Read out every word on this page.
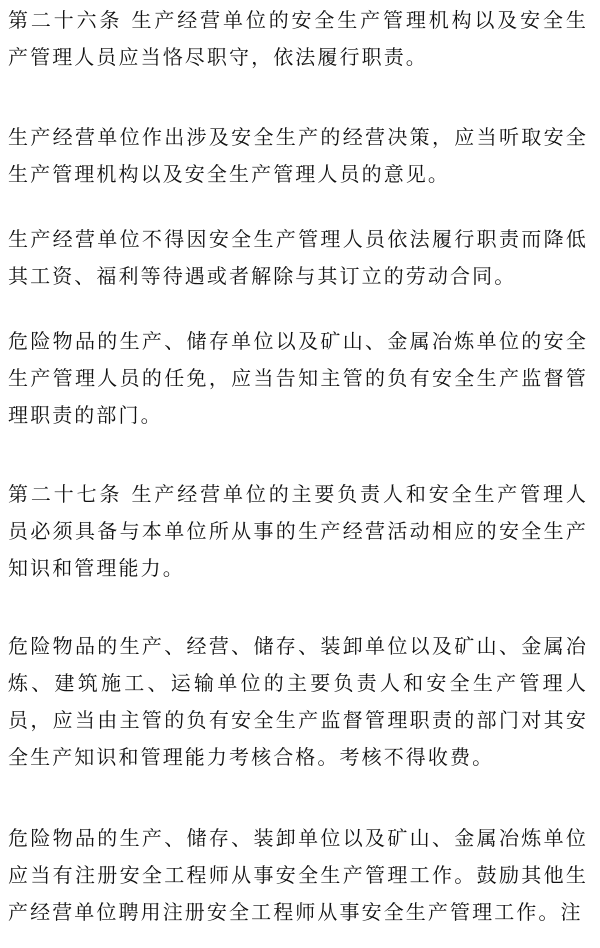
第二十六条 生产经营单位的安全生产管理机构以及安全生产管理人员应当恪尽职守，依法履行职责。

生产经营单位作出涉及安全生产的经营决策，应当听取安全生产管理机构以及安全生产管理人员的意见。

生产经营单位不得因安全生产管理人员依法履行职责而降低其工资、福利等待遇或者解除与其订立的劳动合同。

危险物品的生产、储存单位以及矿山、金属冶炼单位的安全生产管理人员的任免，应当告知主管的负有安全生产监督管理职责的部门。

第二十七条 生产经营单位的主要负责人和安全生产管理人员必须具备与本单位所从事的生产经营活动相应的安全生产知识和管理能力。

危险物品的生产、经营、储存、装卸单位以及矿山、金属冶炼、建筑施工、运输单位的主要负责人和安全生产管理人员，应当由主管的负有安全生产监督管理职责的部门对其安全生产知识和管理能力考核合格。考核不得收费。

危险物品的生产、储存、装卸单位以及矿山、金属冶炼单位应当有注册安全工程师从事安全生产管理工作。鼓励其他生产经营单位聘用注册安全工程师从事安全生产管理工作。注
